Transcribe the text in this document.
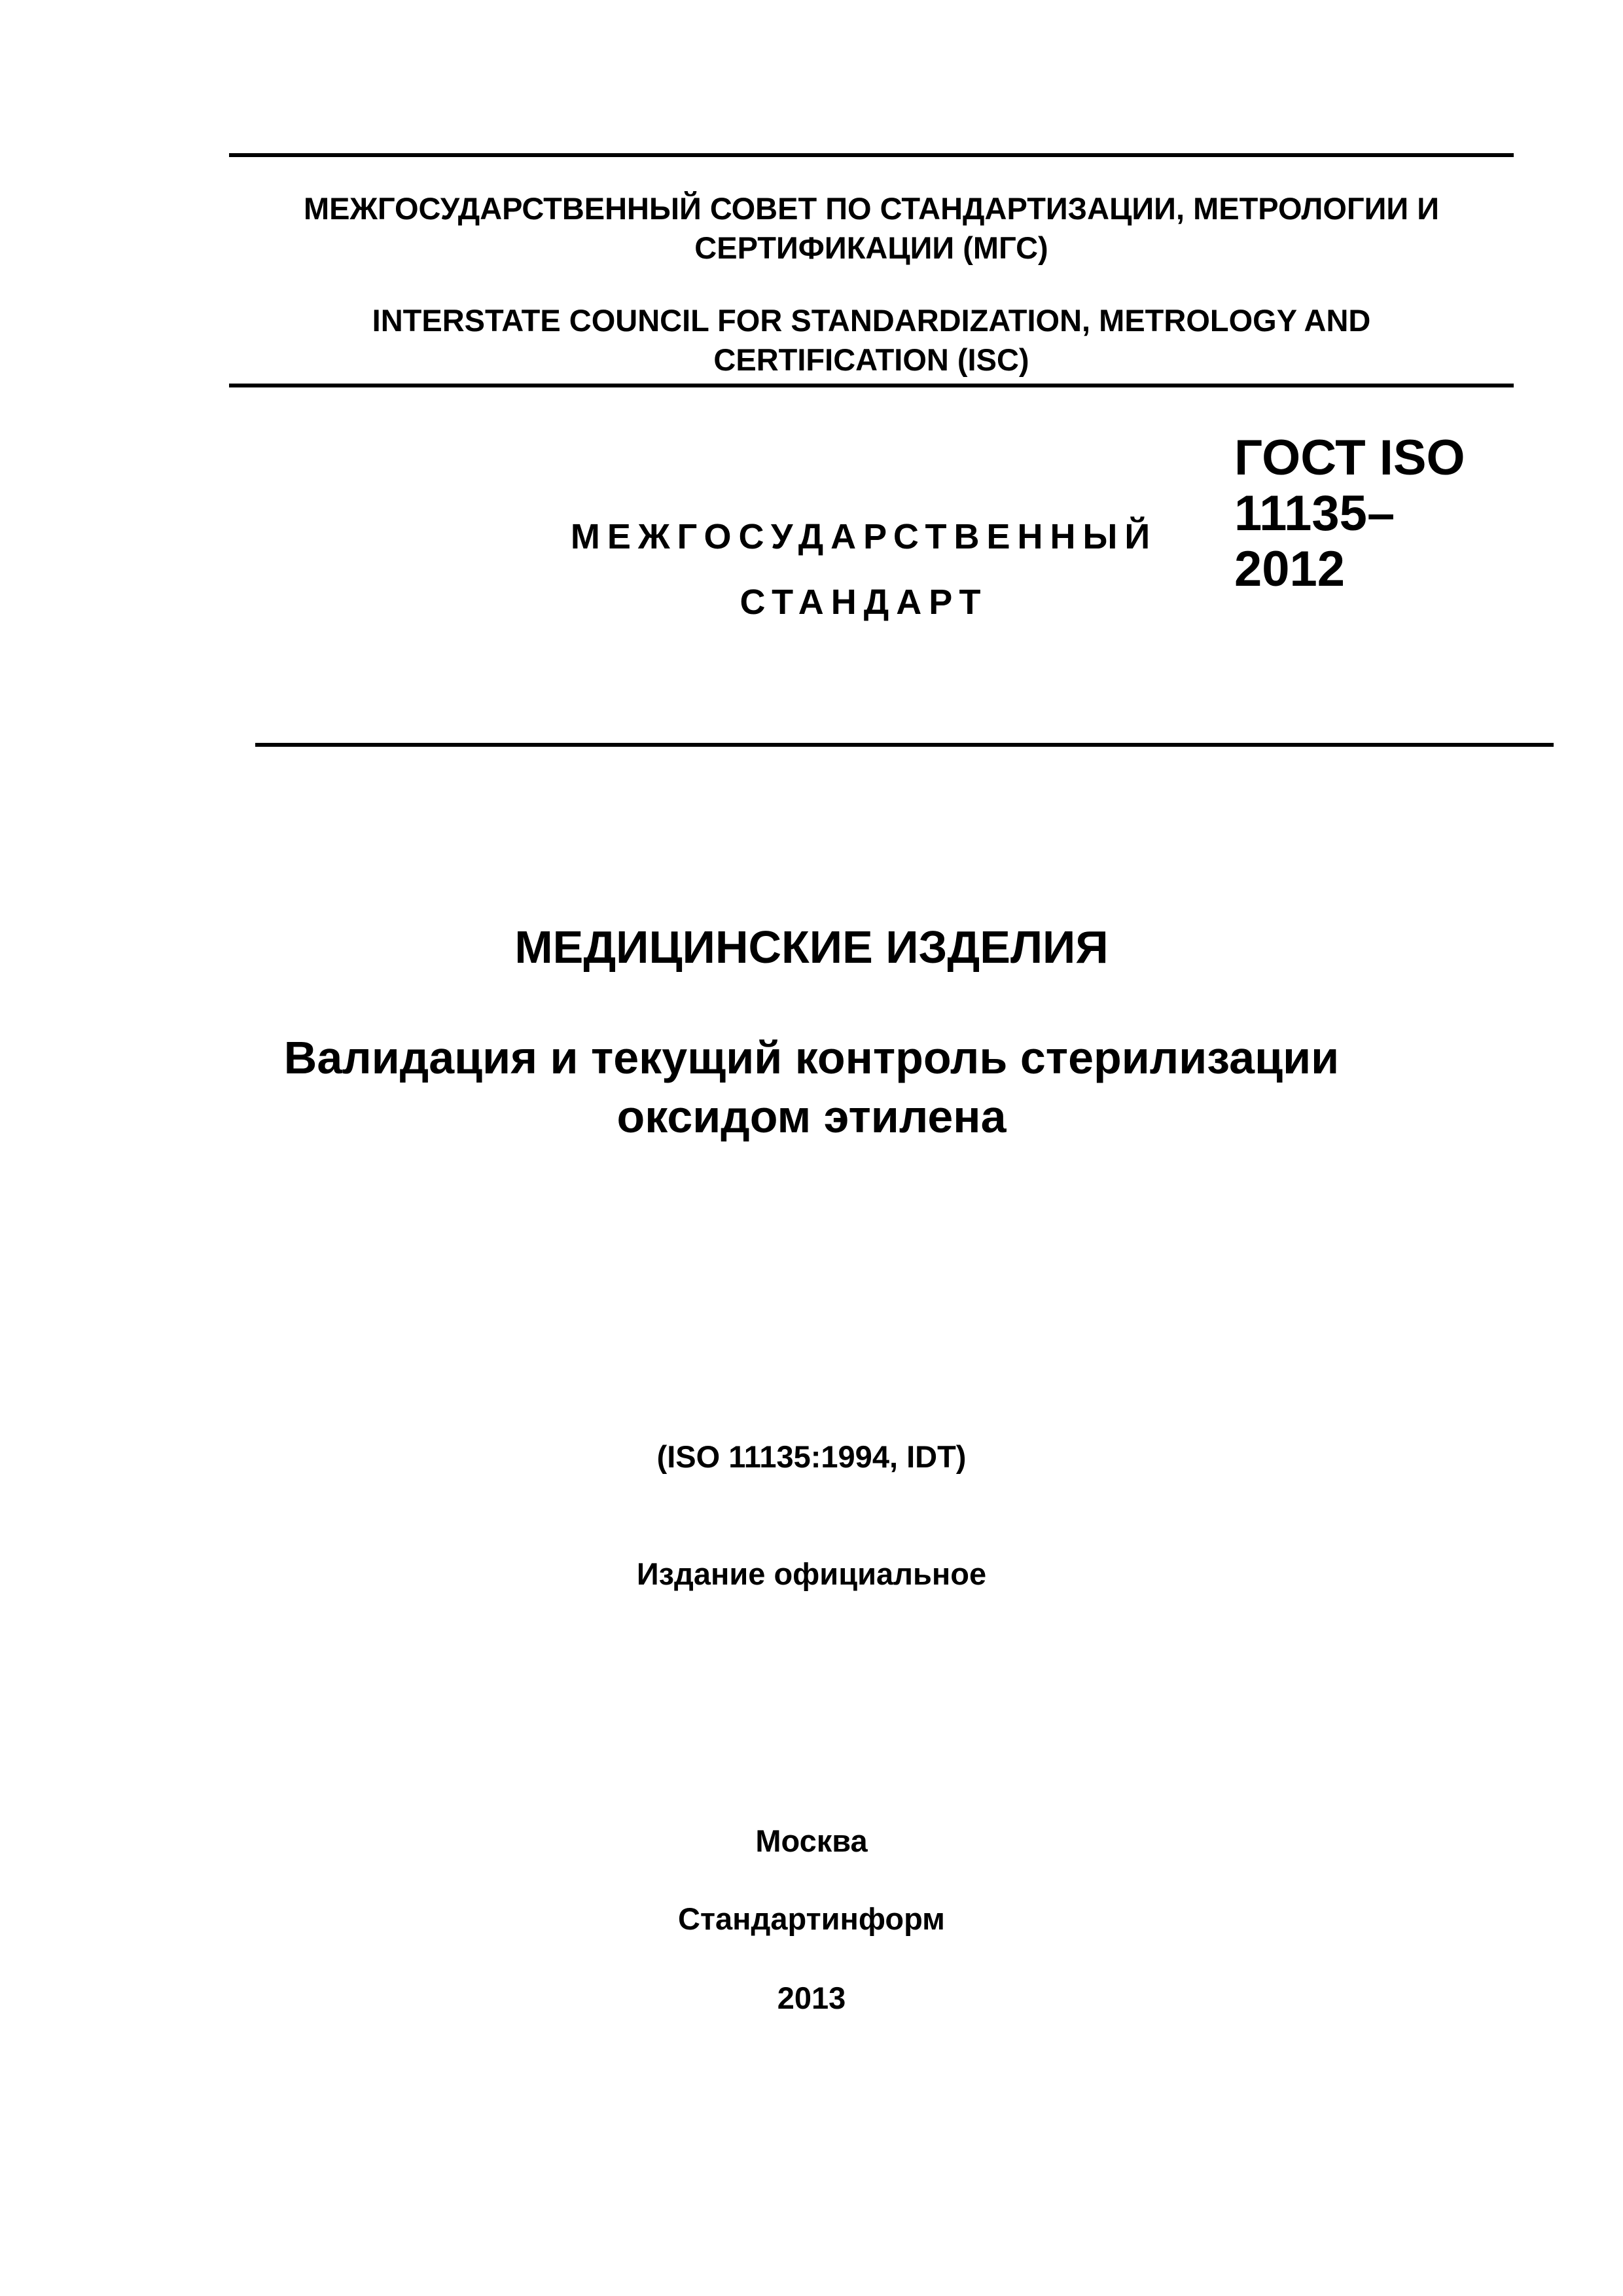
МЕЖГОСУДАРСТВЕННЫЙ СОВЕТ ПО СТАНДАРТИЗАЦИИ, МЕТРОЛОГИИ И
СЕРТИФИКАЦИИ (МГС)
INTERSTATE COUNCIL FOR STANDARDIZATION, METROLOGY AND
CERTIFICATION (ISC)
МЕЖГОСУДАРСТВЕННЫЙ
СТАНДАРТ
ГОСТ ISO
11135–
2012
МЕДИЦИНСКИЕ ИЗДЕЛИЯ
Валидация и текущий контроль стерилизации
оксидом этилена
(ISO 11135:1994, IDT)
Издание официальное
Москва
Стандартинформ
2013
